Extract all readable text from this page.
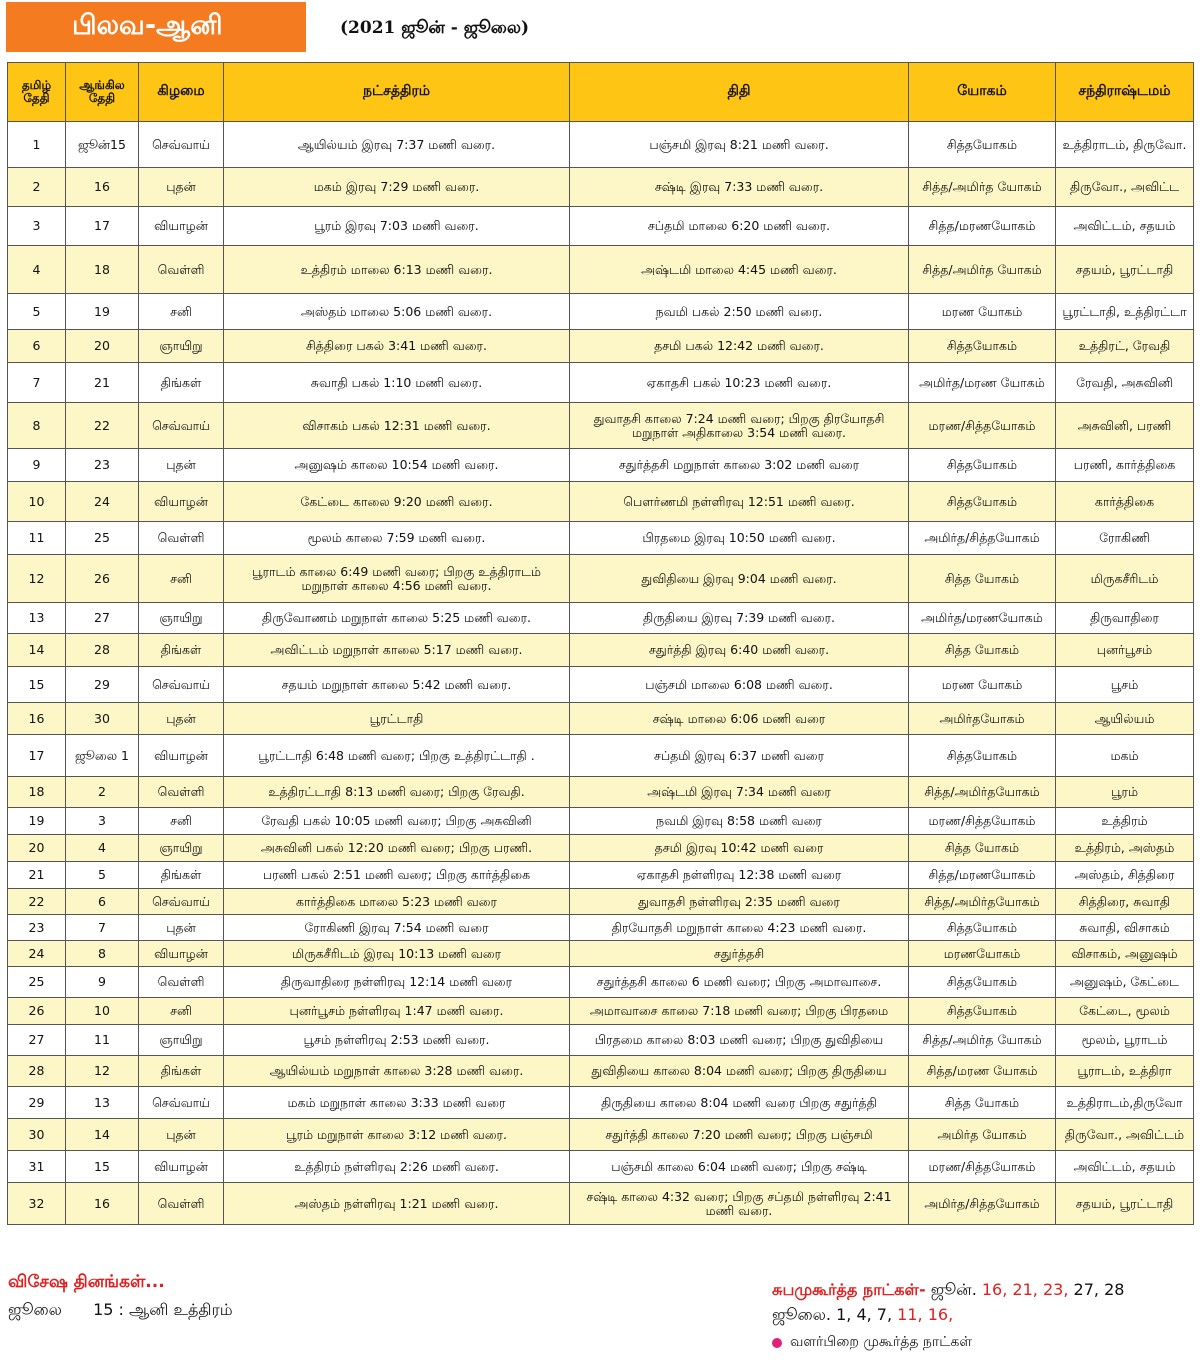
பிலவ-ஆனி	(2021 ஜூன் - ஜூலை)
தமிழ் தேதி	ஆங்கில தேதி	கிழமை	நட்சத்திரம்	திதி	யோகம்	சந்திராஷ்டமம்
1	ஜூன்15	செவ்வாய்	ஆயில்யம் இரவு 7:37 மணி வரை.	பஞ்சமி இரவு 8:21 மணி வரை.	சித்தயோகம்	உத்திராடம், திருவோ.
2	16	புதன்	மகம் இரவு 7:29 மணி வரை.	சஷ்டி இரவு 7:33 மணி வரை.	சித்த/அமிர்த யோகம்	திருவோ., அவிட்ட
3	17	வியாழன்	பூரம் இரவு 7:03 மணி வரை.	சப்தமி மாலை 6:20 மணி வரை.	சித்த/மரணயோகம்	அவிட்டம், சதயம்
4	18	வெள்ளி	உத்திரம் மாலை 6:13 மணி வரை.	அஷ்டமி மாலை 4:45 மணி வரை.	சித்த/அமிர்த யோகம்	சதயம், பூரட்டாதி
5	19	சனி	அஸ்தம் மாலை 5:06 மணி வரை.	நவமி பகல் 2:50 மணி வரை.	மரண யோகம்	பூரட்டாதி, உத்திரட்டா
6	20	ஞாயிறு	சித்திரை பகல் 3:41 மணி வரை.	தசமி பகல் 12:42 மணி வரை.	சித்தயோகம்	உத்திரட், ரேவதி
7	21	திங்கள்	சுவாதி பகல் 1:10 மணி வரை.	ஏகாதசி பகல் 10:23 மணி வரை.	அமிர்த/மரண யோகம்	ரேவதி, அசுவினி
8	22	செவ்வாய்	விசாகம் பகல் 12:31 மணி வரை.	துவாதசி காலை 7:24 மணி வரை; பிறகு திரயோதசி மறுநாள் அதிகாலை 3:54 மணி வரை.	மரண/சித்தயோகம்	அசுவினி, பரணி
9	23	புதன்	அனுஷம் காலை 10:54 மணி வரை.	சதுர்த்தசி மறுநாள் காலை 3:02 மணி வரை	சித்தயோகம்	பரணி, கார்த்திகை
10	24	வியாழன்	கேட்டை காலை 9:20 மணி வரை.	பௌர்ணமி நள்ளிரவு 12:51 மணி வரை.	சித்தயோகம்	கார்த்திகை
11	25	வெள்ளி	மூலம் காலை 7:59 மணி வரை.	பிரதமை இரவு 10:50 மணி வரை.	அமிர்த/சித்தயோகம்	ரோகிணி
12	26	சனி	பூராடம் காலை 6:49 மணி வரை; பிறகு உத்திராடம் மறுநாள் காலை 4:56 மணி வரை.	துவிதியை இரவு 9:04 மணி வரை.	சித்த யோகம்	மிருகசீரிடம்
13	27	ஞாயிறு	திருவோணம் மறுநாள் காலை 5:25 மணி வரை.	திருதியை இரவு 7:39 மணி வரை.	அமிர்த/மரணயோகம்	திருவாதிரை
14	28	திங்கள்	அவிட்டம் மறுநாள் காலை 5:17 மணி வரை.	சதுர்த்தி இரவு 6:40 மணி வரை.	சித்த யோகம்	புனர்பூசம்
15	29	செவ்வாய்	சதயம் மறுநாள் காலை 5:42 மணி வரை.	பஞ்சமி மாலை 6:08 மணி வரை.	மரண யோகம்	பூசம்
16	30	புதன்	பூரட்டாதி	சஷ்டி மாலை 6:06 மணி வரை	அமிர்தயோகம்	ஆயில்யம்
17	ஜூலை 1	வியாழன்	பூரட்டாதி 6:48 மணி வரை; பிறகு உத்திரட்டாதி .	சப்தமி இரவு 6:37 மணி வரை	சித்தயோகம்	மகம்
18	2	வெள்ளி	உத்திரட்டாதி 8:13 மணி வரை; பிறகு ரேவதி.	அஷ்டமி இரவு 7:34 மணி வரை	சித்த/அமிர்தயோகம்	பூரம்
19	3	சனி	ரேவதி பகல் 10:05 மணி வரை; பிறகு அசுவினி	நவமி இரவு 8:58 மணி வரை	மரண/சித்தயோகம்	உத்திரம்
20	4	ஞாயிறு	அசுவினி பகல் 12:20 மணி வரை; பிறகு பரணி.	தசமி இரவு 10:42 மணி வரை	சித்த யோகம்	உத்திரம், அஸ்தம்
21	5	திங்கள்	பரணி பகல் 2:51 மணி வரை; பிறகு கார்த்திகை	ஏகாதசி நள்ளிரவு 12:38 மணி வரை	சித்த/மரணயோகம்	அஸ்தம், சித்திரை
22	6	செவ்வாய்	கார்த்திகை மாலை 5:23 மணி வரை	துவாதசி நள்ளிரவு 2:35 மணி வரை	சித்த/அமிர்தயோகம்	சித்திரை, சுவாதி
23	7	புதன்	ரோகிணி இரவு 7:54 மணி வரை	திரயோதசி மறுநாள் காலை 4:23 மணி வரை.	சித்தயோகம்	சுவாதி, விசாகம்
24	8	வியாழன்	மிருகசீரிடம் இரவு 10:13 மணி வரை	சதுர்த்தசி	மரணயோகம்	விசாகம், அனுஷம்
25	9	வெள்ளி	திருவாதிரை நள்ளிரவு 12:14 மணி வரை	சதுர்த்தசி காலை 6 மணி வரை; பிறகு அமாவாசை.	சித்தயோகம்	அனுஷம், கேட்டை
26	10	சனி	புனர்பூசம் நள்ளிரவு 1:47 மணி வரை.	அமாவாசை காலை 7:18 மணி வரை; பிறகு பிரதமை	சித்தயோகம்	கேட்டை, மூலம்
27	11	ஞாயிறு	பூசம் நள்ளிரவு 2:53 மணி வரை.	பிரதமை காலை 8:03 மணி வரை; பிறகு துவிதியை	சித்த/அமிர்த யோகம்	மூலம், பூராடம்
28	12	திங்கள்	ஆயில்யம் மறுநாள் காலை 3:28 மணி வரை.	துவிதியை காலை 8:04 மணி வரை; பிறகு திருதியை	சித்த/மரண யோகம்	பூராடம், உத்திரா
29	13	செவ்வாய்	மகம் மறுநாள் காலை 3:33 மணி வரை	திருதியை காலை 8:04 மணி வரை பிறகு சதுர்த்தி	சித்த யோகம்	உத்திராடம்,திருவோ
30	14	புதன்	பூரம் மறுநாள் காலை 3:12 மணி வரை.	சதுர்த்தி காலை 7:20 மணி வரை; பிறகு பஞ்சமி	அமிர்த யோகம்	திருவோ., அவிட்டம்
31	15	வியாழன்	உத்திரம் நள்ளிரவு 2:26 மணி வரை.	பஞ்சமி காலை 6:04 மணி வரை; பிறகு சஷ்டி	மரண/சித்தயோகம்	அவிட்டம், சதயம்
32	16	வெள்ளி	அஸ்தம் நள்ளிரவு 1:21 மணி வரை.	சஷ்டி காலை 4:32 வரை; பிறகு சப்தமி நள்ளிரவு 2:41 மணி வரை.	அமிர்த/சித்தயோகம்	சதயம், பூரட்டாதி
விசேஷ தினங்கள்...
ஜூலை 15 : ஆனி உத்திரம்
சுபமுகூர்த்த நாட்கள்- ஜூன். 16, 21, 23, 27, 28
ஜூலை. 1, 4, 7, 11, 16,
வளர்பிறை முகூர்த்த நாட்கள்
